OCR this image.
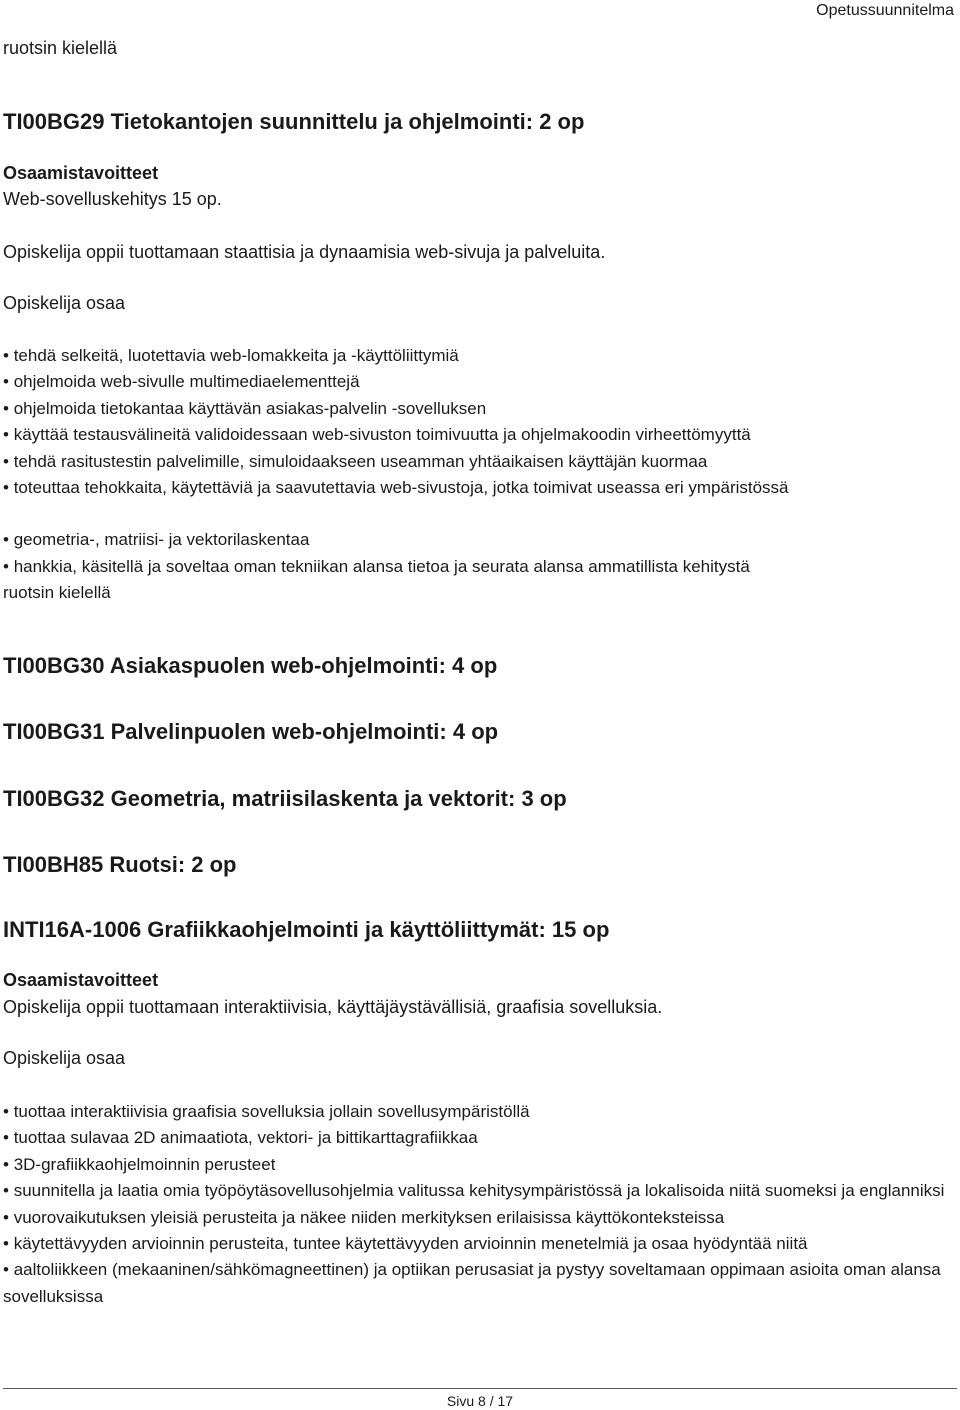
Opetussuunnitelma
ruotsin kielellä
TI00BG29 Tietokantojen suunnittelu ja ohjelmointi: 2 op
Osaamistavoitteet
Web-sovelluskehitys 15 op.
Opiskelija oppii tuottamaan staattisia ja dynaamisia web-sivuja ja palveluita.
Opiskelija osaa

• tehdä selkeitä, luotettavia web-lomakkeita ja -käyttöliittymiä

• ohjelmoida web-sivulle multimediaelementtejä

• ohjelmoida tietokantaa käyttävän asiakas-palvelin -sovelluksen

• käyttää testausvälineitä validoidessaan web-sivuston toimivuutta ja ohjelmakoodin virheettömyyttä

• tehdä rasitustestin palvelimille, simuloidaakseen useamman yhtäaikaisen käyttäjän kuormaa

• toteuttaa tehokkaita, käytettäviä ja saavutettavia web-sivustoja, jotka toimivat useassa eri ympäristössä

• geometria-, matriisi- ja vektorilaskentaa

• hankkia, käsitellä ja soveltaa oman tekniikan alansa tietoa ja seurata alansa ammatillista kehitystä

ruotsin kielellä

TI00BG30 Asiakaspuolen web-ohjelmointi: 4 op
TI00BG31 Palvelinpuolen web-ohjelmointi: 4 op
TI00BG32 Geometria, matriisilaskenta ja vektorit: 3 op
TI00BH85 Ruotsi: 2 op
INTI16A-1006 Grafiikkaohjelmointi ja käyttöliittymät: 15 op
Osaamistavoitteet
Opiskelija oppii tuottamaan interaktiivisia, käyttäjäystävällisiä, graafisia sovelluksia.
Opiskelija osaa

• tuottaa interaktiivisia graafisia sovelluksia jollain sovellusympäristöllä

• tuottaa sulavaa 2D animaatiota, vektori- ja bittikarttagrafiikkaa

• 3D-grafiikkaohjelmoinnin perusteet

• suunnitella ja laatia omia työpöytäsovellusohjelmia valitussa kehitysympäristössä ja lokalisoida niitä suomeksi ja englanniksi

• vuorovaikutuksen yleisiä perusteita ja näkee niiden merkityksen erilaisissa käyttökonteksteissa

• käytettävyyden arvioinnin perusteita, tuntee käytettävyyden arvioinnin menetelmiä ja osaa hyödyntää niitä

• aaltoliikkeen (mekaaninen/sähkömagneettinen) ja optiikan perusasiat ja pystyy soveltamaan oppimaan asioita oman alansa sovelluksissa

Sivu 8 / 17
